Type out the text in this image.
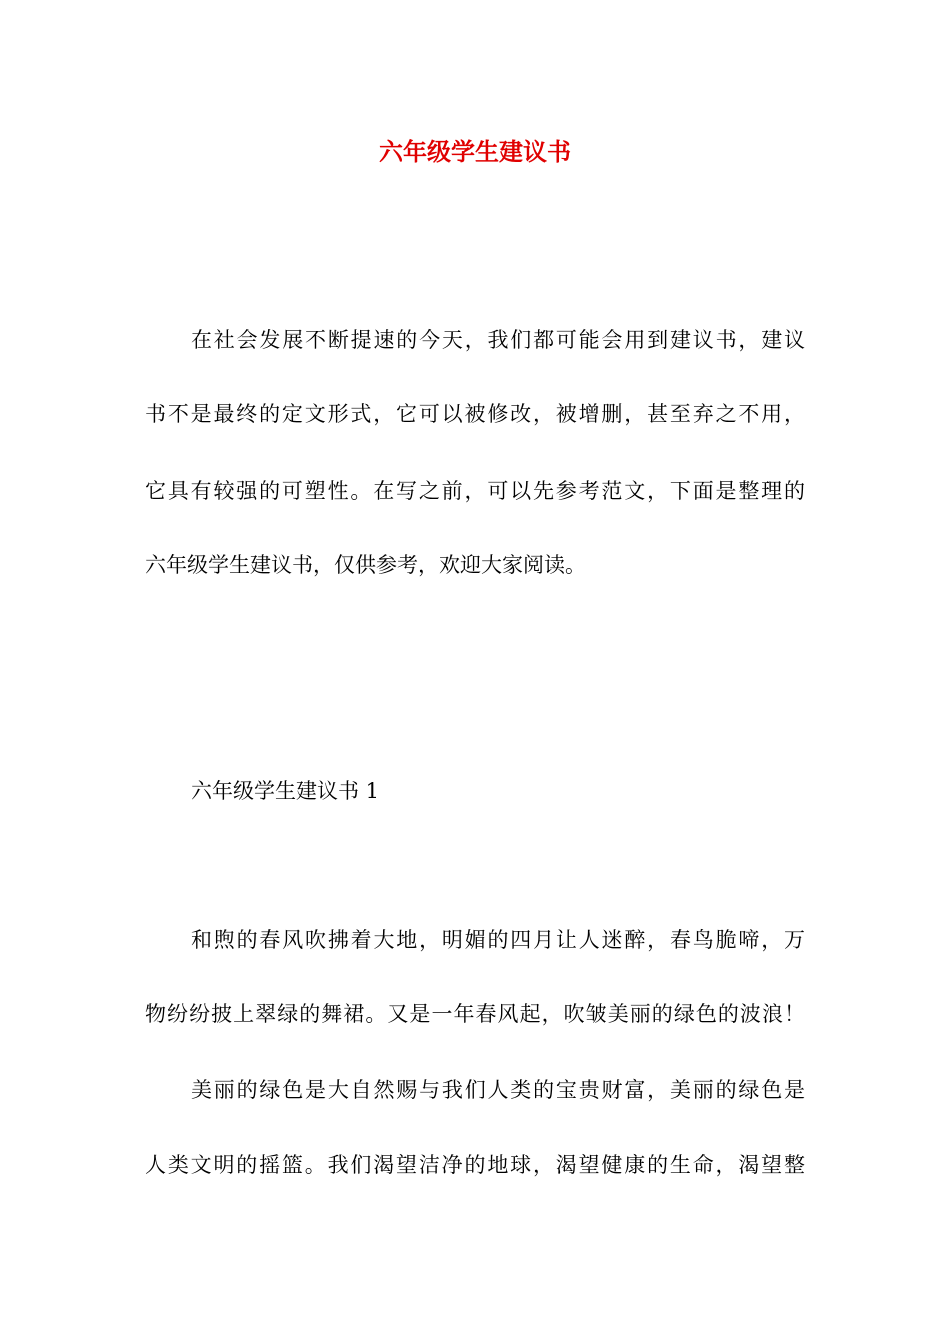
六年级学生建议书

在社会发展不断提速的今天，我们都可能会用到建议书，建议

书不是最终的定文形式，它可以被修改，被增删，甚至弃之不用，

它具有较强的可塑性。在写之前，可以先参考范文，下面是整理的

六年级学生建议书，仅供参考，欢迎大家阅读。

六年级学生建议书 1

和煦的春风吹拂着大地，明媚的四月让人迷醉，春鸟脆啼，万

物纷纷披上翠绿的舞裙。又是一年春风起，吹皱美丽的绿色的波浪！

美丽的绿色是大自然赐与我们人类的宝贵财富，美丽的绿色是

人类文明的摇篮。我们渴望洁净的地球，渴望健康的生命，渴望整
